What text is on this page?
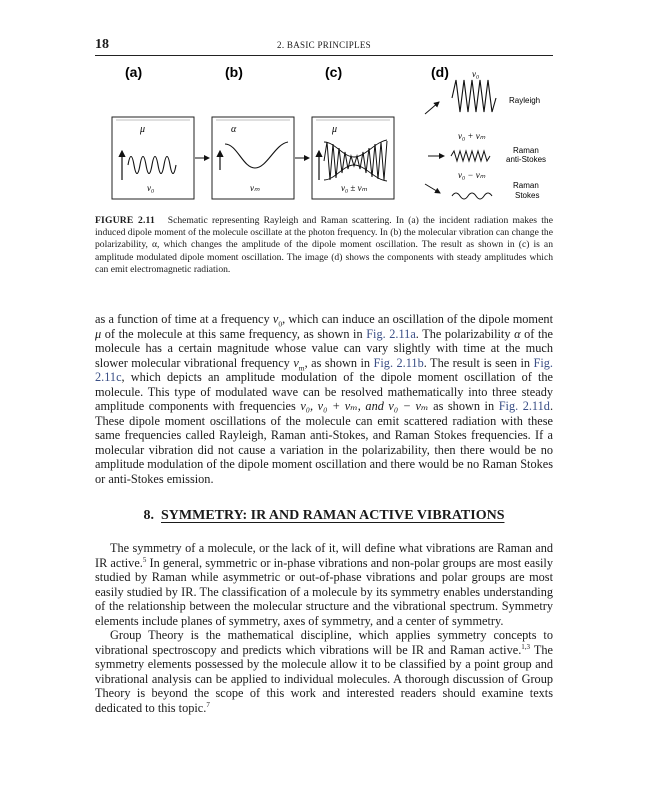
18	2. BASIC PRINCIPLES
(a)	(b)	(c)	(d)
μ
ν₀
α
νₘ
μ
ν₀ ± νₘ
ν₀
Rayleigh
ν₀ + νₘ
Raman
anti-Stokes
ν₀ − νₘ
Raman
Stokes
FIGURE 2.11 Schematic representing Rayleigh and Raman scattering. In (a) the incident radiation makes the induced dipole moment of the molecule oscillate at the photon frequency. In (b) the molecular vibration can change the polarizability, α, which changes the amplitude of the dipole moment oscillation. The result as shown in (c) is an amplitude modulated dipole moment oscillation. The image (d) shows the components with steady amplitudes which can emit electromagnetic radiation.

as a function of time at a frequency $\nu_0$, which can induce an oscillation of the dipole moment μ of the molecule at this same frequency, as shown in Fig. 2.11a. The polarizability α of the molecule has a certain magnitude whose value can vary slightly with time at the much slower molecular vibrational frequency $\nu_m$, as shown in Fig. 2.11b. The result is seen in Fig. 2.11c, which depicts an amplitude modulation of the dipole moment oscillation of the molecule. This type of modulated wave can be resolved mathematically into three steady amplitude components with frequencies ν₀, ν₀ + νₘ, and ν₀ − νₘ as shown in Fig. 2.11d. These dipole moment oscillations of the molecule can emit scattered radiation with these same frequencies called Rayleigh, Raman anti-Stokes, and Raman Stokes frequencies. If a molecular vibration did not cause a variation in the polarizability, then there would be no amplitude modulation of the dipole moment oscillation and there would be no Raman Stokes or anti-Stokes emission.

8. SYMMETRY: IR AND RAMAN ACTIVE VIBRATIONS

The symmetry of a molecule, or the lack of it, will define what vibrations are Raman and IR active.$^5$ In general, symmetric or in-phase vibrations and non-polar groups are most easily studied by Raman while asymmetric or out-of-phase vibrations and polar groups are most easily studied by IR. The classification of a molecule by its symmetry enables understanding of the relationship between the molecular structure and the vibrational spectrum. Symmetry elements include planes of symmetry, axes of symmetry, and a center of symmetry.

Group Theory is the mathematical discipline, which applies symmetry concepts to vibrational spectroscopy and predicts which vibrations will be IR and Raman active.$^{1,3}$ The symmetry elements possessed by the molecule allow it to be classified by a point group and vibrational analysis can be applied to individual molecules. A thorough discussion of Group Theory is beyond the scope of this work and interested readers should examine texts dedicated to this topic.$^7$
